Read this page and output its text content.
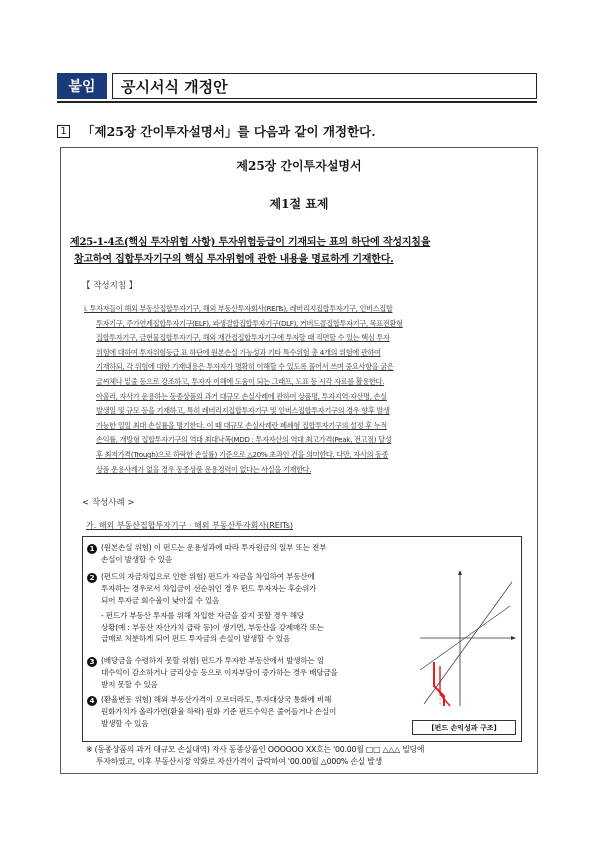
붙임	공시서식 개정안
1 「제25장 간이투자설명서」를 다음과 같이 개정한다.
제25장 간이투자설명서
제1절 표제
제25-1-4조(핵심 투자위험 사항) 투자위험등급이 기재되는 표의 하단에 작성지침을
참고하여 집합투자기구의 핵심 투자위험에 관한 내용을 명료하게 기재한다.
【 작성지침 】
i. 투자자들이 해외 부동산집합투자기구, 해외 부동산투자회사(REITs), 레버리지집합투자기구, 인버스집합
투자기구, 주가연계집합투자기구(ELF), 파생결합집합투자기구(DLF), 커버드콜집합투자기구, 목표전환형
집합투자기구, 금현물집합투자기구, 해외 재간접집합투자기구에 투자할 때 직면할 수 있는 핵심 투자
위험에 대하여 투자위험등급 표 하단에 원본손실 가능성과 기타 특수위험 총 4개의 위험에 관하여
기재하되, 각 위험에 대한 기재내용은 투자자가 명확히 이해할 수 있도록 풀어서 쓰며 중요사항을 굵은
글씨체나 밑줄 등으로 강조하고, 투자자 이해에 도움이 되는 그래프, 도표 등 시각 자료를 활용한다.
아울러, 자사가 운용하는 동종상품의 과거 대규모 손실사례에 관하여 상품명, 투자지역·자산명, 손실
발생일 및 규모 등을 기재하고, 특히 레버리지집합투자기구 및 인버스집합투자기구의 경우 향후 발생
가능한 일일 최대 손실률을 명기한다. 이 때 대규모 손실사례란 폐쇄형 집합투자기구의 설정 후 누적
손익률, 개방형 집합투자기구의 역대 최대낙폭(MDD : 투자자산의 역대 최고가격(Peak, 전고점) 달성
후 최저가격(Trough)으로 하락한 손실률) 기준으로 △20% 초과인 건을 의미한다. 다만, 자사의 동종
상품 운용사례가 없을 경우 동종상품 운용경력이 없다는 사실을 기재한다.
< 작성사례 >
가. 해외 부동산집합투자기구 · 해외 부동산투자회사(REITs)
1 (원본손실 위험) 이 펀드는 운용성과에 따라 투자원금의 일부 또는 전부
손실이 발생할 수 있음
2 (펀드의 자금차입으로 인한 위험) 펀드가 자금을 차입하여 부동산에
투자하는 경우로서 차입금이 선순위인 경우 펀드 투자자는 후순위가
되어 투자금 회수율이 낮아질 수 있음
- 펀드가 부동산 투자를 위해 차입한 자금을 갚지 못할 경우 해당
상황(예 : 부동산 자산가치 급락 등)이 생기면, 부동산을 강제매각 또는
급매로 처분하게 되어 펀드 투자금의 손실이 발생할 수 있음
3 (배당금을 수령하지 못할 위험) 펀드가 투자한 부동산에서 발생하는 임
대수익이 감소하거나 금리상승 등으로 이자부담이 증가하는 경우 배당금을
받지 못할 수 있음
4 (환율변동 위험) 해외 부동산가격이 오르더라도, 투자대상국 통화에 비해
원화가치가 올라가면(환율 하락) 원화 기준 펀드수익은 줄어들거나 손실이
발생할 수 있음	[펀드 손익성과 구조]
※ (동종상품의 과거 대규모 손실내역) 자사 동종상품인 OOOOOO XX호는 '00.00월 □□ △△△ 빌딩에
투자하였고, 이후 부동산시장 악화로 자산가격이 급락하여 '00.00월 △000% 손실 발생
